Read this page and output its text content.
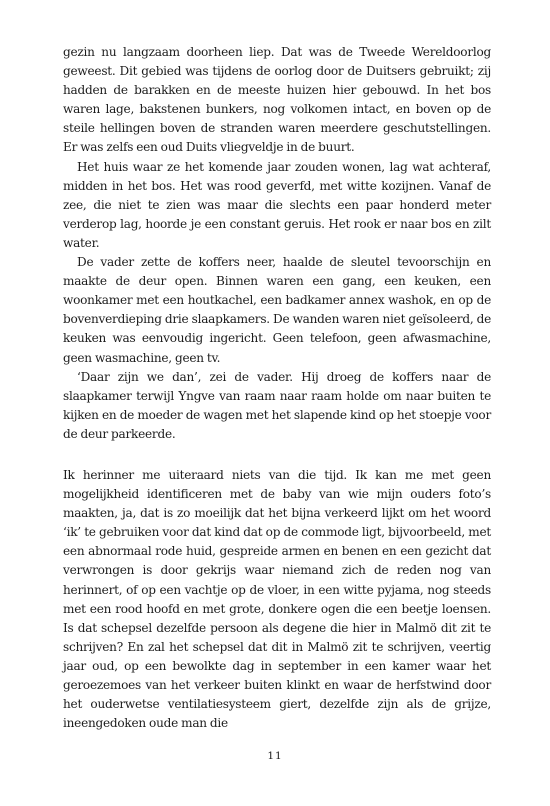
gezin nu langzaam doorheen liep. Dat was de Tweede Wereldoorlog geweest. Dit gebied was tijdens de oorlog door de Duitsers gebruikt; zij hadden de barakken en de meeste huizen hier gebouwd. In het bos waren lage, bakstenen bunkers, nog volkomen intact, en boven op de steile hellingen boven de stranden waren meerdere geschutstellingen. Er was zelfs een oud Duits vliegveldje in de buurt.

Het huis waar ze het komende jaar zouden wonen, lag wat achteraf, midden in het bos. Het was rood geverfd, met witte kozijnen. Vanaf de zee, die niet te zien was maar die slechts een paar honderd meter verderop lag, hoorde je een constant geruis. Het rook er naar bos en zilt water.

De vader zette de koffers neer, haalde de sleutel tevoorschijn en maakte de deur open. Binnen waren een gang, een keuken, een woonkamer met een houtkachel, een badkamer annex washok, en op de bovenverdieping drie slaapkamers. De wanden waren niet geïsoleerd, de keuken was eenvoudig ingericht. Geen telefoon, geen afwasmachine, geen wasmachine, geen tv.

‘Daar zijn we dan’, zei de vader. Hij droeg de koffers naar de slaapkamer terwijl Yngve van raam naar raam holde om naar buiten te kijken en de moeder de wagen met het slapende kind op het stoepje voor de deur parkeerde.

Ik herinner me uiteraard niets van die tijd. Ik kan me met geen mogelijkheid identificeren met de baby van wie mijn ouders foto’s maakten, ja, dat is zo moeilijk dat het bijna verkeerd lijkt om het woord ‘ik’ te gebruiken voor dat kind dat op de commode ligt, bijvoorbeeld, met een abnormaal rode huid, gespreide armen en benen en een gezicht dat verwrongen is door gekrijs waar niemand zich de reden nog van herinnert, of op een vachtje op de vloer, in een witte pyjama, nog steeds met een rood hoofd en met grote, donkere ogen die een beetje loensen. Is dat schepsel dezelfde persoon als degene die hier in Malmö dit zit te schrijven? En zal het schepsel dat dit in Malmö zit te schrijven, veertig jaar oud, op een bewolkte dag in september in een kamer waar het geroezemoes van het verkeer buiten klinkt en waar de herfstwind door het ouderwetse ventilatiesysteem giert, dezelfde zijn als de grijze, ineengedoken oude man die

11
